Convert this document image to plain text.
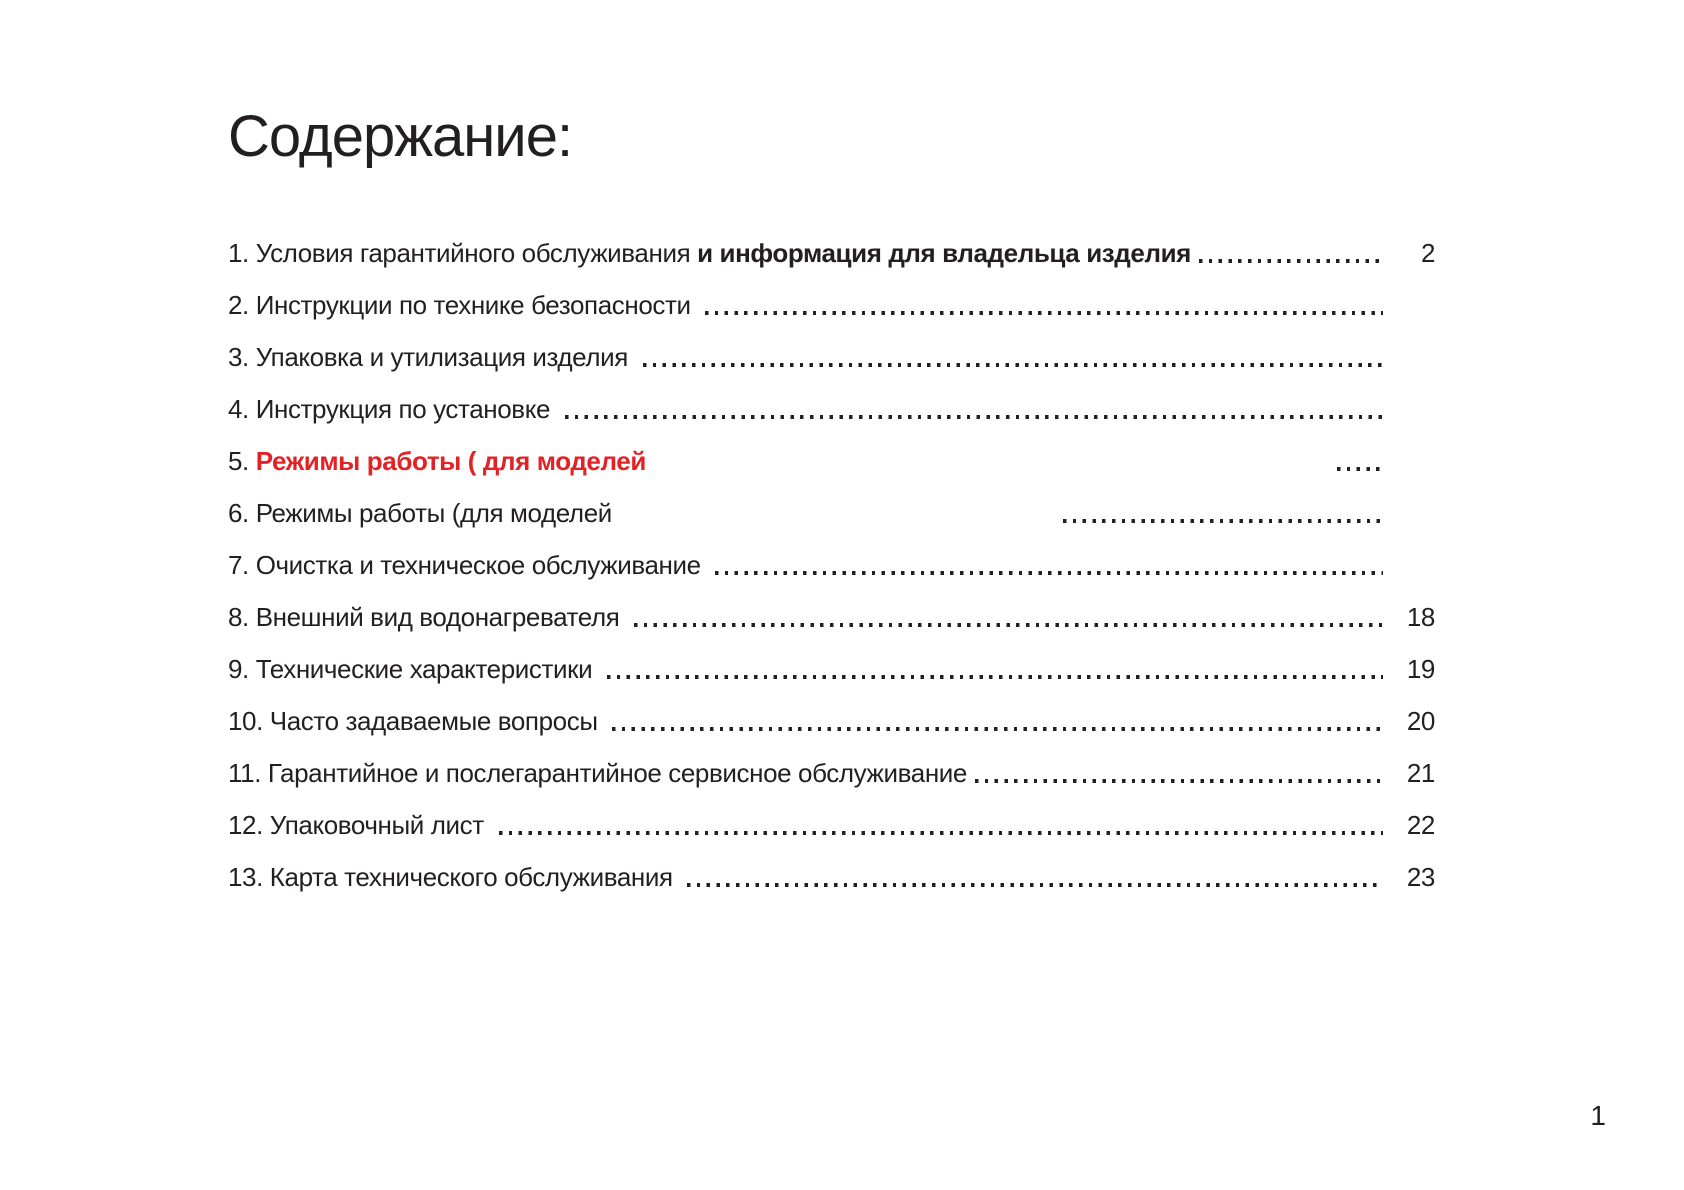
Содержание:
1. Условия гарантийного обслуживания и информация для владельца изделия	2
2. Инструкции по технике безопасности
3. Упаковка и утилизация изделия
4. Инструкция по установке
5. Режимы работы ( для моделей
6. Режимы работы (для моделей
7. Очистка и техническое обслуживание
8. Внешний вид водонагревателя	18
9. Технические характеристики	19
10. Часто задаваемые вопросы	20
11. Гарантийное и послегарантийное сервисное обслуживание	21
12. Упаковочный лист	22
13. Карта технического обслуживания	23
1
